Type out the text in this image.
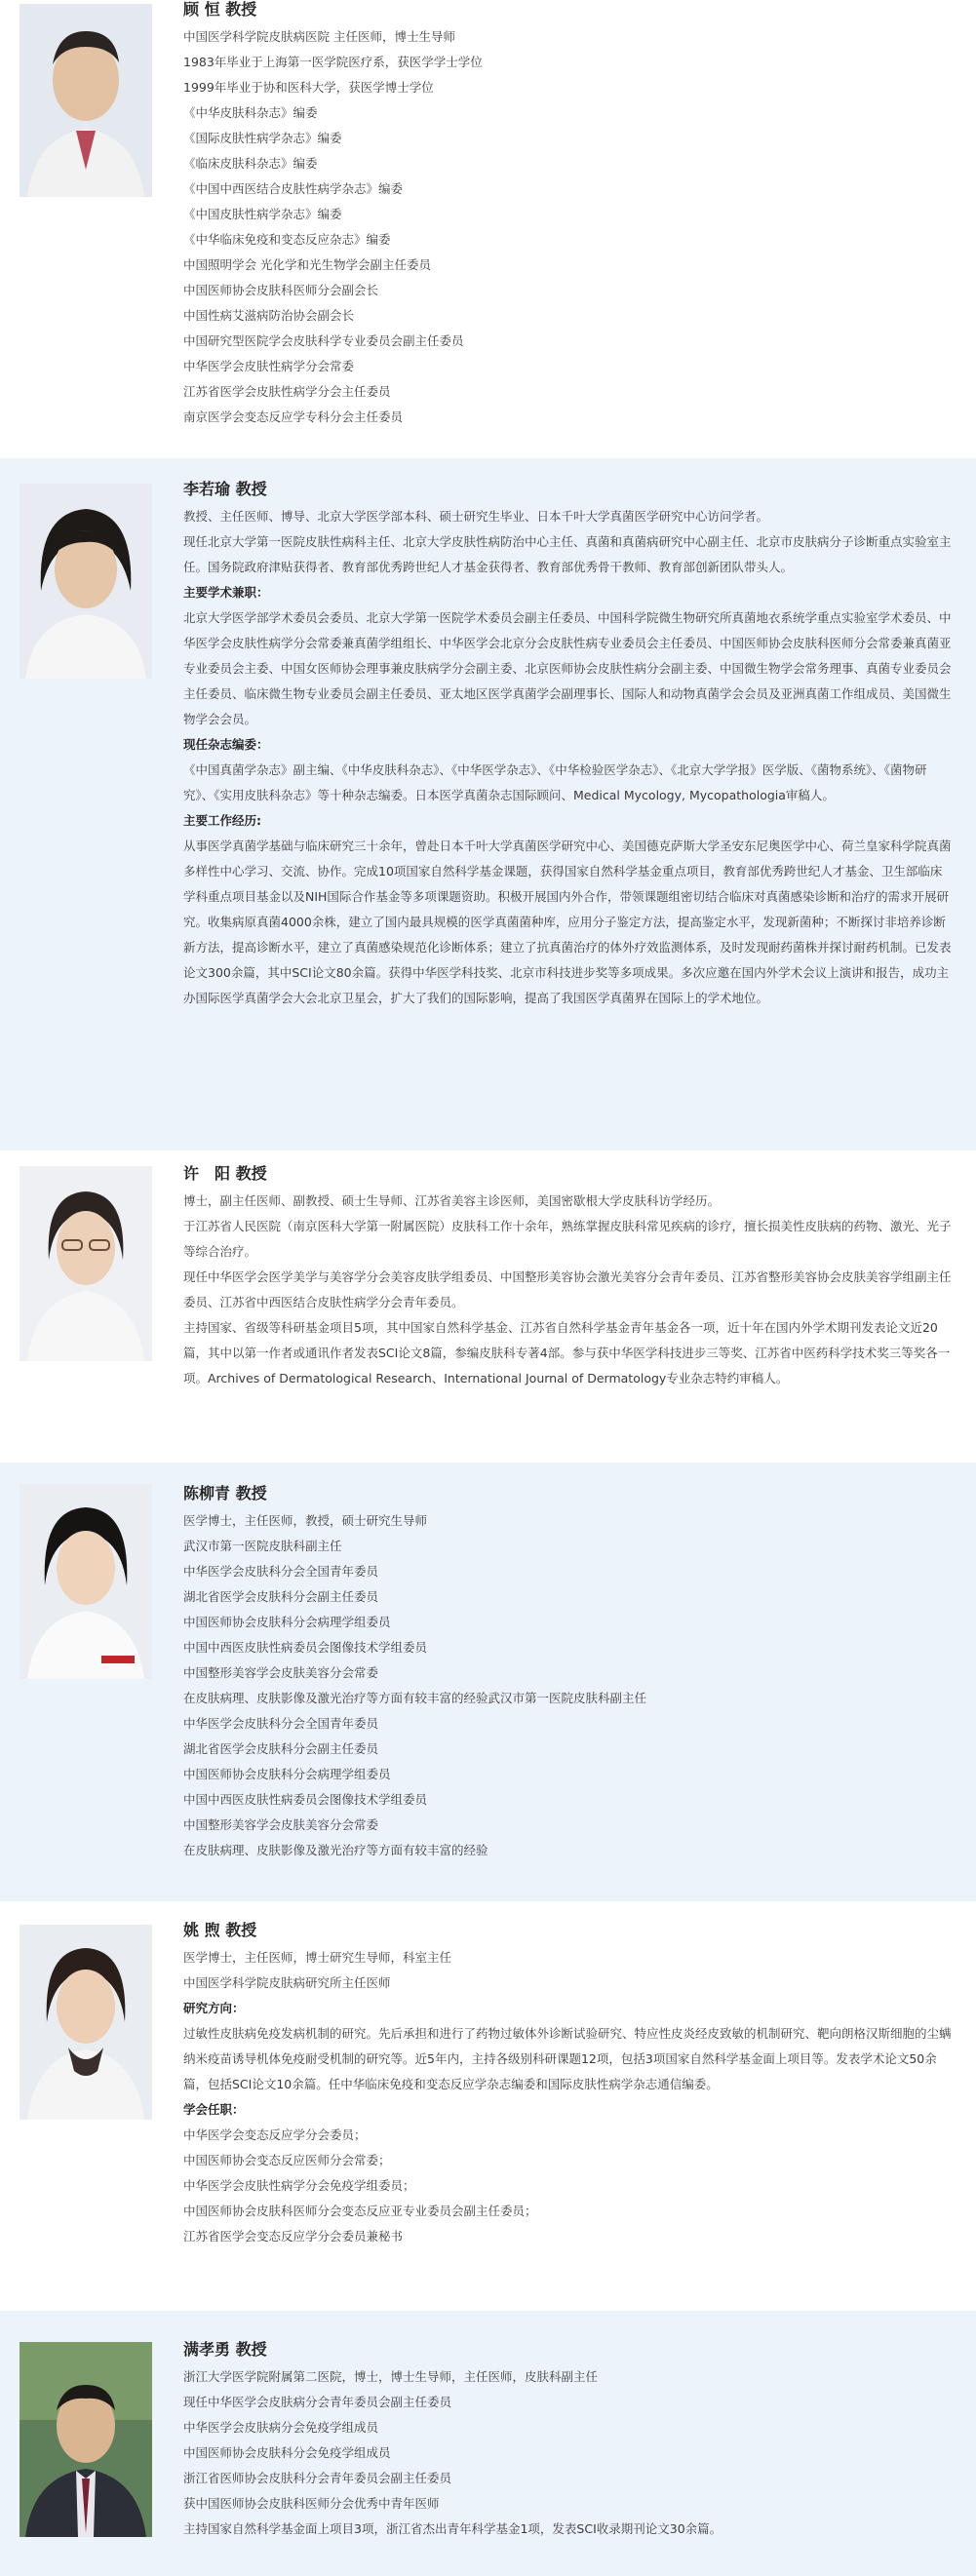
顾 恒 教授
中国医学科学院皮肤病医院 主任医师，博士生导师
1983年毕业于上海第一医学院医疗系，获医学学士学位
1999年毕业于协和医科大学，获医学博士学位
《中华皮肤科杂志》编委
《国际皮肤性病学杂志》编委
《临床皮肤科杂志》编委
《中国中西医结合皮肤性病学杂志》编委
《中国皮肤性病学杂志》编委
《中华临床免疫和变态反应杂志》编委
中国照明学会 光化学和光生物学会副主任委员
中国医师协会皮肤科医师分会副会长
中国性病艾滋病防治协会副会长
中国研究型医院学会皮肤科学专业委员会副主任委员
中华医学会皮肤性病学分会常委
江苏省医学会皮肤性病学分会主任委员
南京医学会变态反应学专科分会主任委员
李若瑜 教授
教授、主任医师、博导、北京大学医学部本科、硕士研究生毕业、日本千叶大学真菌医学研究中心访问学者。
现任北京大学第一医院皮肤性病科主任、北京大学皮肤性病防治中心主任、真菌和真菌病研究中心副主任、北京市皮肤病分子诊断重点实验室主任。国务院政府津贴获得者、教育部优秀跨世纪人才基金获得者、教育部优秀骨干教师、教育部创新团队带头人。
主要学术兼职：
北京大学医学部学术委员会委员、北京大学第一医院学术委员会副主任委员、中国科学院微生物研究所真菌地衣系统学重点实验室学术委员、中华医学会皮肤性病学分会常委兼真菌学组组长、中华医学会北京分会皮肤性病专业委员会主任委员、中国医师协会皮肤科医师分会常委兼真菌亚专业委员会主委、中国女医师协会理事兼皮肤病学分会副主委、北京医师协会皮肤性病分会副主委、中国微生物学会常务理事、真菌专业委员会主任委员、临床微生物专业委员会副主任委员、亚太地区医学真菌学会副理事长、国际人和动物真菌学会会员及亚洲真菌工作组成员、美国微生物学会会员。
现任杂志编委：
《中国真菌学杂志》副主编、《中华皮肤科杂志》、《中华医学杂志》、《中华检验医学杂志》、《北京大学学报》医学版、《菌物系统》、《菌物研究》、《实用皮肤科杂志》等十种杂志编委。日本医学真菌杂志国际顾问、Medical Mycology, Mycopathologia审稿人。
主要工作经历:
从事医学真菌学基础与临床研究三十余年，曾赴日本千叶大学真菌医学研究中心、美国德克萨斯大学圣安东尼奥医学中心、荷兰皇家科学院真菌多样性中心学习、交流、协作。完成10项国家自然科学基金课题，获得国家自然科学基金重点项目，教育部优秀跨世纪人才基金、卫生部临床学科重点项目基金以及NIH国际合作基金等多项课题资助。积极开展国内外合作，带领课题组密切结合临床对真菌感染诊断和治疗的需求开展研究。收集病原真菌4000余株，建立了国内最具规模的医学真菌菌种库，应用分子鉴定方法，提高鉴定水平，发现新菌种；不断探讨非培养诊断新方法，提高诊断水平，建立了真菌感染规范化诊断体系；建立了抗真菌治疗的体外疗效监测体系，及时发现耐药菌株并探讨耐药机制。已发表论文300余篇，其中SCI论文80余篇。获得中华医学科技奖、北京市科技进步奖等多项成果。多次应邀在国内外学术会议上演讲和报告，成功主办国际医学真菌学会大会北京卫星会，扩大了我们的国际影响，提高了我国医学真菌界在国际上的学术地位。
许　阳 教授
博士，副主任医师、副教授、硕士生导师、江苏省美容主诊医师，美国密歇根大学皮肤科访学经历。
于江苏省人民医院（南京医科大学第一附属医院）皮肤科工作十余年，熟练掌握皮肤科常见疾病的诊疗，擅长损美性皮肤病的药物、激光、光子等综合治疗。
现任中华医学会医学美学与美容学分会美容皮肤学组委员、中国整形美容协会激光美容分会青年委员、江苏省整形美容协会皮肤美容学组副主任委员、江苏省中西医结合皮肤性病学分会青年委员。
主持国家、省级等科研基金项目5项，其中国家自然科学基金、江苏省自然科学基金青年基金各一项，近十年在国内外学术期刊发表论文近20篇，其中以第一作者或通讯作者发表SCI论文8篇，参编皮肤科专著4部。参与获中华医学科技进步三等奖、江苏省中医药科学技术奖三等奖各一项。Archives of Dermatological Research、International Journal of Dermatology专业杂志特约审稿人。
陈柳青 教授
医学博士，主任医师，教授，硕士研究生导师
武汉市第一医院皮肤科副主任
中华医学会皮肤科分会全国青年委员
湖北省医学会皮肤科分会副主任委员
中国医师协会皮肤科分会病理学组委员
中国中西医皮肤性病委员会图像技术学组委员
中国整形美容学会皮肤美容分会常委
在皮肤病理、皮肤影像及激光治疗等方面有较丰富的经验武汉市第一医院皮肤科副主任
中华医学会皮肤科分会全国青年委员
湖北省医学会皮肤科分会副主任委员
中国医师协会皮肤科分会病理学组委员
中国中西医皮肤性病委员会图像技术学组委员
中国整形美容学会皮肤美容分会常委
在皮肤病理、皮肤影像及激光治疗等方面有较丰富的经验
姚 煦 教授
医学博士，主任医师，博士研究生导师，科室主任
中国医学科学院皮肤病研究所主任医师
研究方向：
过敏性皮肤病免疫发病机制的研究。先后承担和进行了药物过敏体外诊断试验研究、特应性皮炎经皮致敏的机制研究、靶向朗格汉斯细胞的尘螨纳米疫苗诱导机体免疫耐受机制的研究等。近5年内，主持各级别科研课题12项，包括3项国家自然科学基金面上项目等。发表学术论文50余篇，包括SCI论文10余篇。任中华临床免疫和变态反应学杂志编委和国际皮肤性病学杂志通信编委。
学会任职：
中华医学会变态反应学分会委员；
中国医师协会变态反应医师分会常委；
中华医学会皮肤性病学分会免疫学组委员；
中国医师协会皮肤科医师分会变态反应亚专业委员会副主任委员；
江苏省医学会变态反应学分会委员兼秘书
满孝勇 教授
浙江大学医学院附属第二医院，博士，博士生导师，主任医师，皮肤科副主任
现任中华医学会皮肤病分会青年委员会副主任委员
中华医学会皮肤病分会免疫学组成员
中国医师协会皮肤科分会免疫学组成员
浙江省医师协会皮肤科分会青年委员会副主任委员
获中国医师协会皮肤科医师分会优秀中青年医师
主持国家自然科学基金面上项目3项，浙江省杰出青年科学基金1项，发表SCI收录期刊论文30余篇。
